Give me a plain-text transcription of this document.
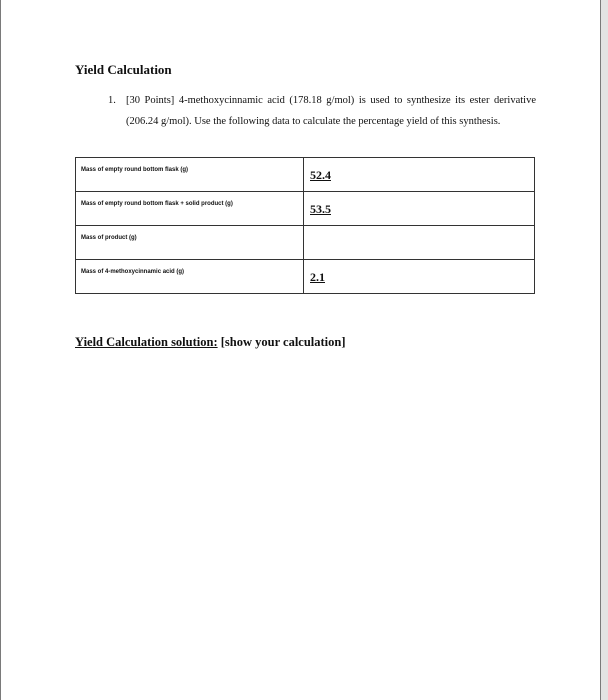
Yield Calculation
1. [30 Points] 4-methoxycinnamic acid (178.18 g/mol) is used to synthesize its ester derivative (206.24 g/mol). Use the following data to calculate the percentage yield of this synthesis.
Mass of empty round bottom flask (g)	52.4
Mass of empty round bottom flask + solid product (g)	53.5
Mass of product (g)	
Mass of 4-methoxycinnamic acid (g)	2.1
Yield Calculation solution: [show your calculation]
